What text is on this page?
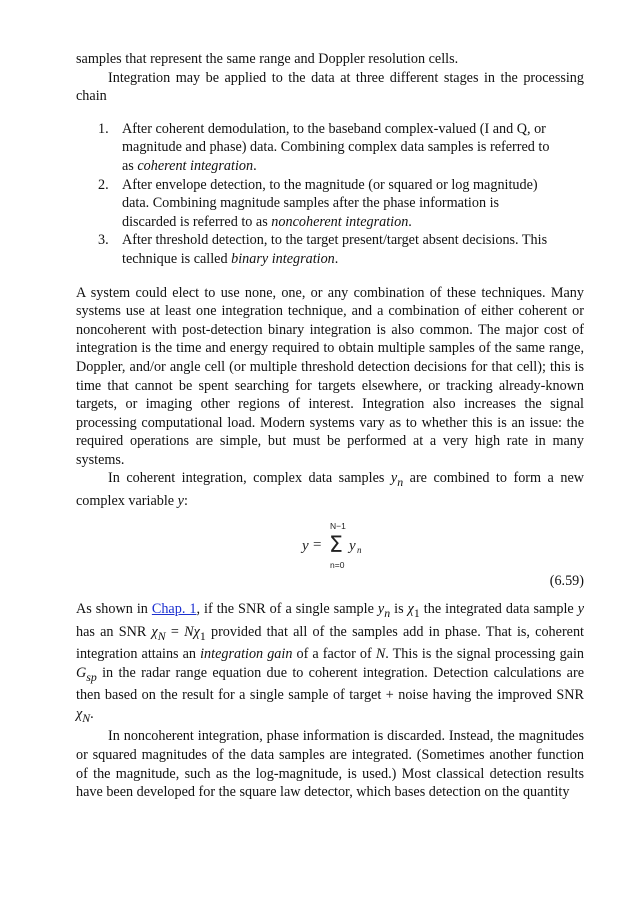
samples that represent the same range and Doppler resolution cells.

Integration may be applied to the data at three different stages in the processing chain

1. After coherent demodulation, to the baseband complex-valued (I and Q, or magnitude and phase) data. Combining complex data samples is referred to as coherent integration.
2. After envelope detection, to the magnitude (or squared or log magnitude) data. Combining magnitude samples after the phase information is discarded is referred to as noncoherent integration.
3. After threshold detection, to the target present/target absent decisions. This technique is called binary integration.

A system could elect to use none, one, or any combination of these techniques. Many systems use at least one integration technique, and a combination of either coherent or noncoherent with post-detection binary integration is also common. The major cost of integration is the time and energy required to obtain multiple samples of the same range, Doppler, and/or angle cell (or multiple threshold detection decisions for that cell); this is time that cannot be spent searching for targets elsewhere, or tracking already-known targets, or imaging other regions of interest. Integration also increases the signal processing computational load. Modern systems vary as to whether this is an issue: the required operations are simple, but must be performed at a very high rate in many systems.

In coherent integration, complex data samples $y_n$ are combined to form a new complex variable y:

N−1
y = Σ y n
n=0
(6.59)

As shown in Chap. 1, if the SNR of a single sample $y_n$ is $\chi_1$ the integrated data sample y has an SNR $\chi_N = N\chi_1$ provided that all of the samples add in phase. That is, coherent integration attains an integration gain of a factor of N. This is the signal processing gain $G_{sp}$ in the radar range equation due to coherent integration. Detection calculations are then based on the result for a single sample of target + noise having the improved SNR $\chi_N$.

In noncoherent integration, phase information is discarded. Instead, the magnitudes or squared magnitudes of the data samples are integrated. (Sometimes another function of the magnitude, such as the log-magnitude, is used.) Most classical detection results have been developed for the square law detector, which bases detection on the quantity
